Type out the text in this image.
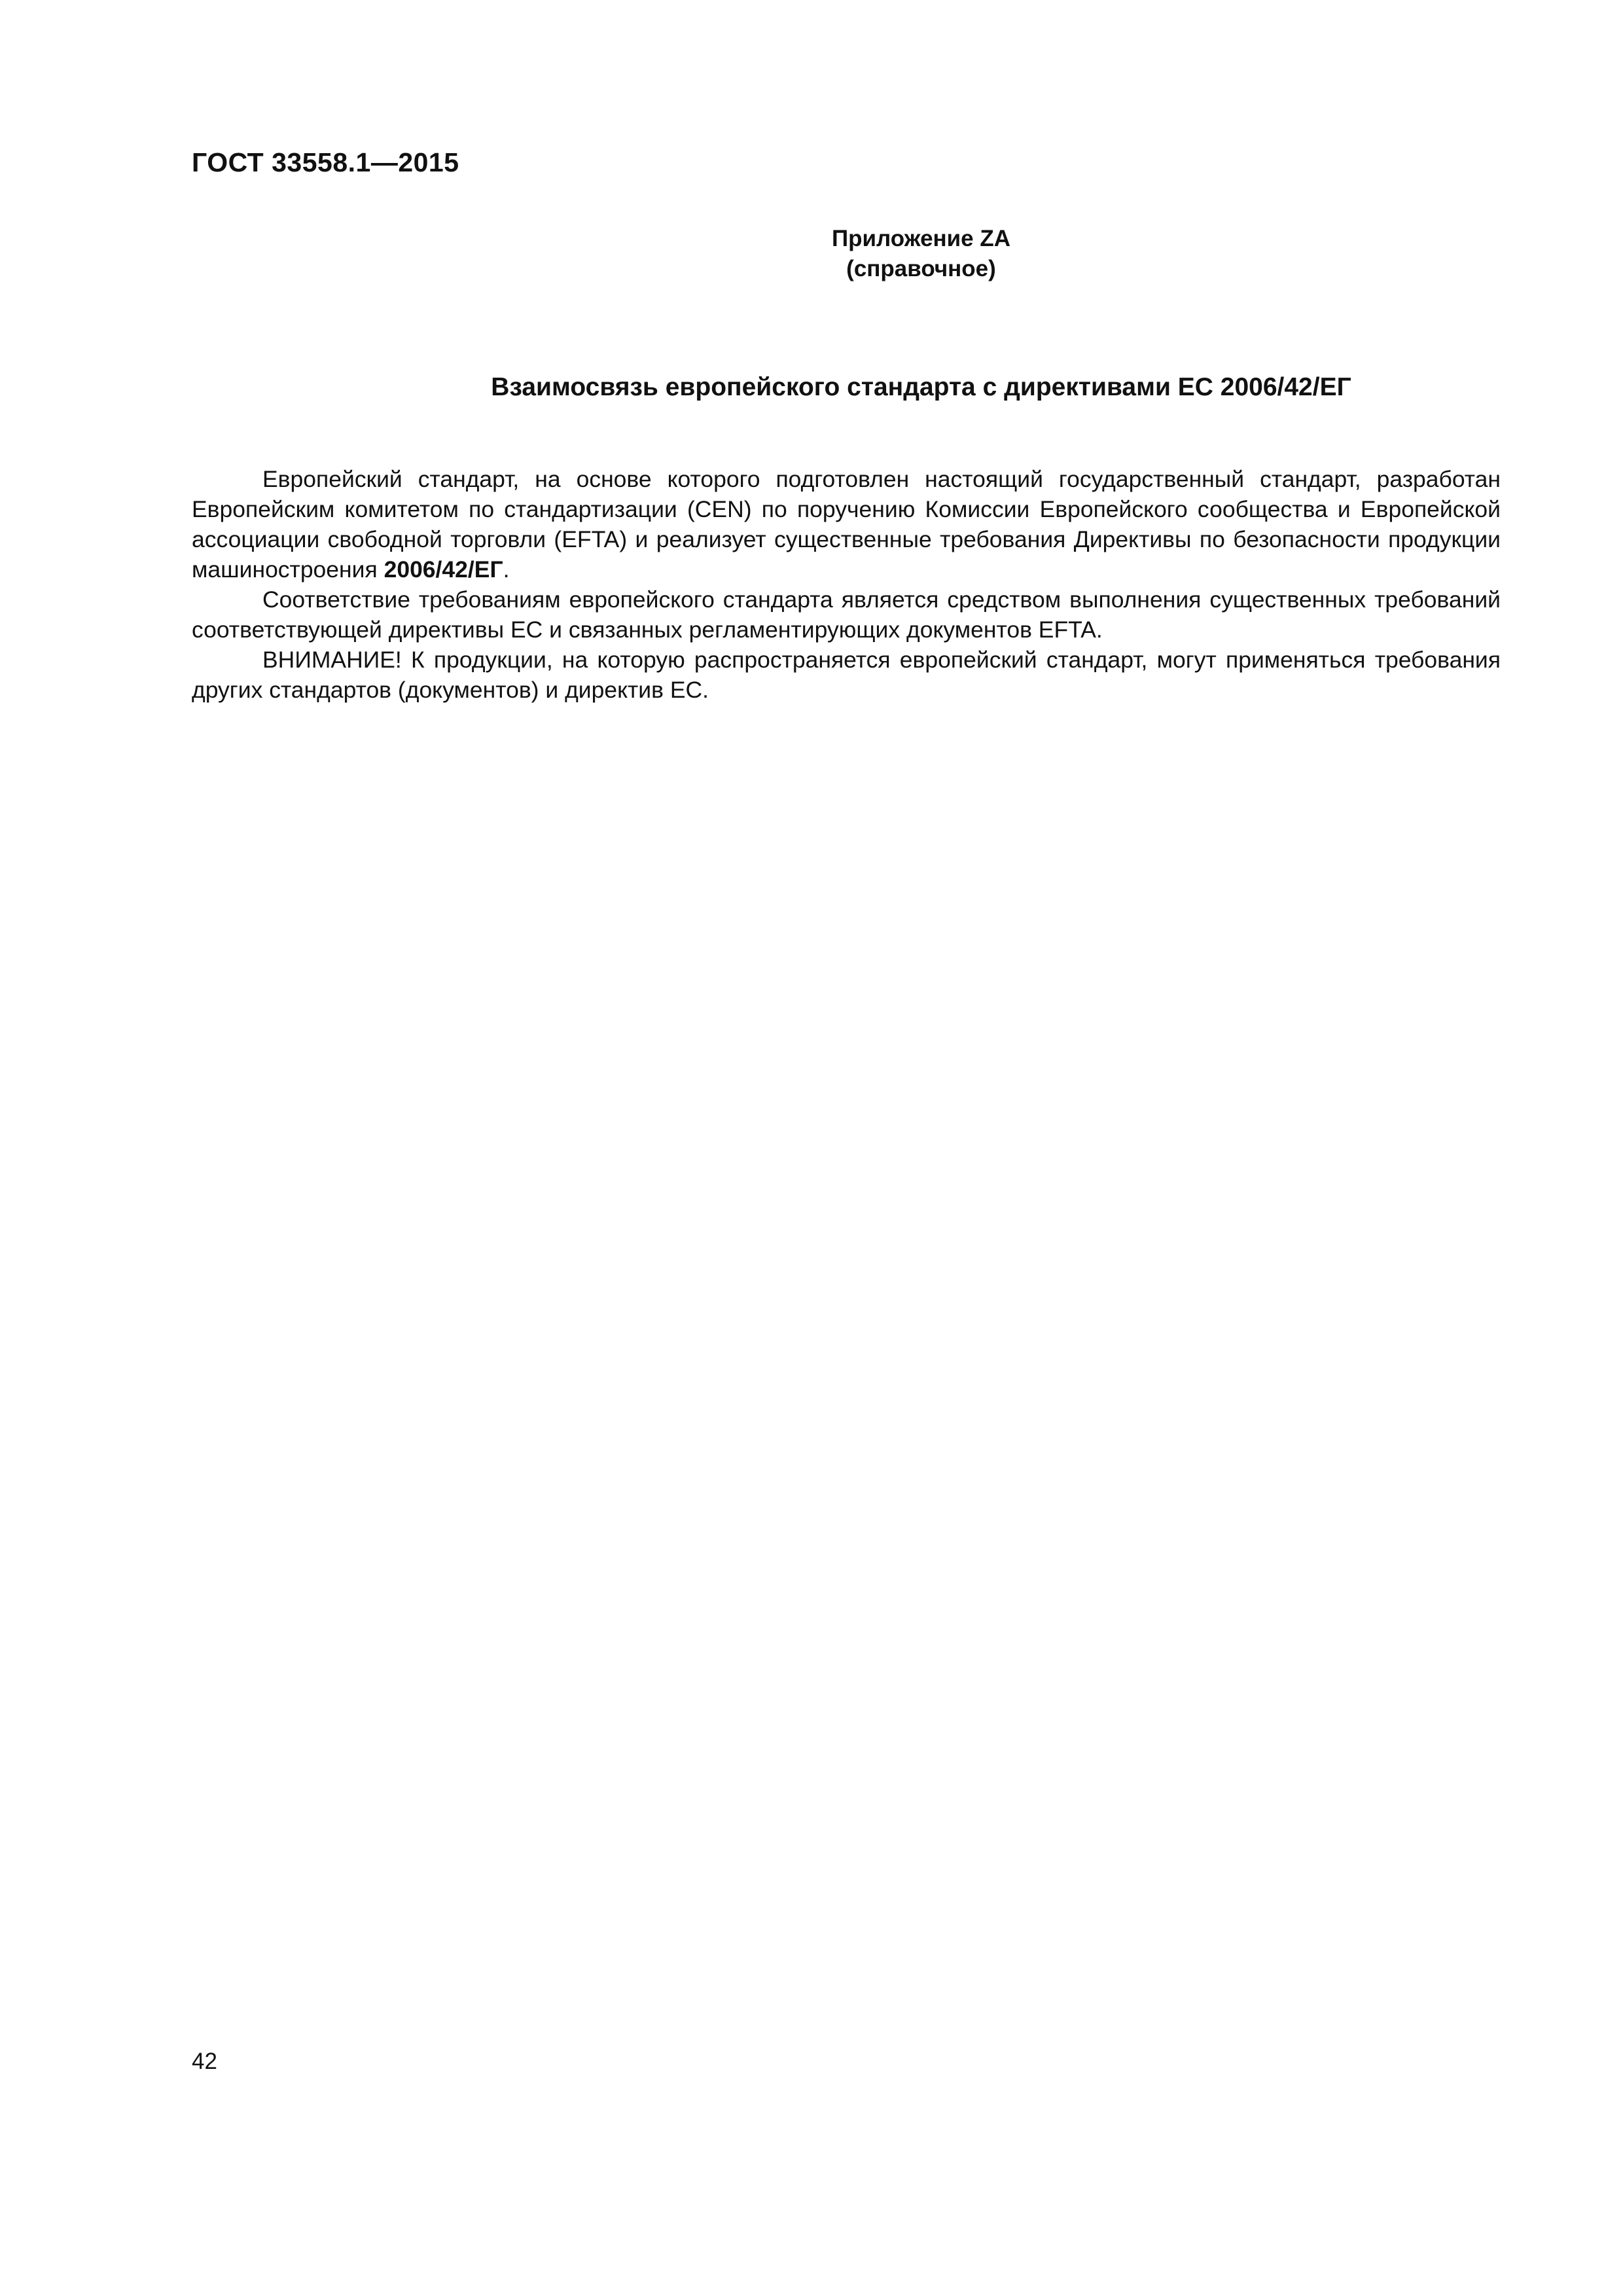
ГОСТ 33558.1—2015
Приложение ZA
(справочное)
Взаимосвязь европейского стандарта с директивами ЕС 2006/42/ЕГ

Европейский стандарт, на основе которого подготовлен настоящий государственный стандарт, разработан Европейским комитетом по стандартизации (CEN) по поручению Комиссии Европейского сообщества и Европейской ассоциации свободной торговли (EFTA) и реализует существенные требования Директивы по безопасности продукции машиностроения 2006/42/ЕГ.

Соответствие требованиям европейского стандарта является средством выполнения существенных требований соответствующей директивы ЕС и связанных регламентирующих документов EFTA.

ВНИМАНИЕ! К продукции, на которую распространяется европейский стандарт, могут применяться требования других стандартов (документов) и директив ЕС.

42
